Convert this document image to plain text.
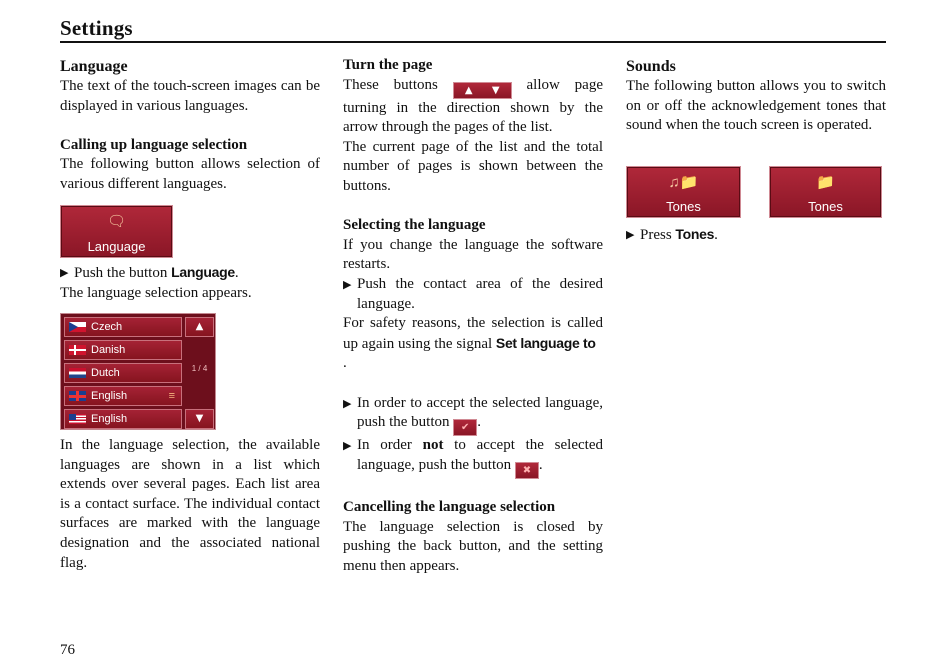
Settings

Language

The text of the touch-screen images can be displayed in various languages.

Calling up language selection

The following button allows selection of various different languages.

🗨
Language

▶ Push the button Language.

The language selection appears.

Czech
Danish
Dutch
English	≡
English
▲
1 / 4
▼

In the language selection, the available languages are shown in a list which extends over several pages. Each list area is a contact surface. The individual contact surfaces are marked with the language designation and the associated national flag.

Turn the page

These buttons ▲ ▼ allow page turning in the direction shown by the arrow through the pages of the list.

The current page of the list and the total number of pages is shown between the buttons.

Selecting the language

If you change the language the software restarts.

▶ Push the contact area of the desired language.

For safety reasons, the selection is called up again using the signal Set language to
.

▶ In order to accept the selected language, push the button ✔ .

▶ In order not to accept the selected language, push the button ✖ .

Cancelling the language selection

The language selection is closed by pushing the back button, and the setting menu then appears.

Sounds

The following button allows you to switch on or off the acknowledgement tones that sound when the touch screen is operated.

♫📁
Tones
📁
Tones

▶ Press Tones.

76
